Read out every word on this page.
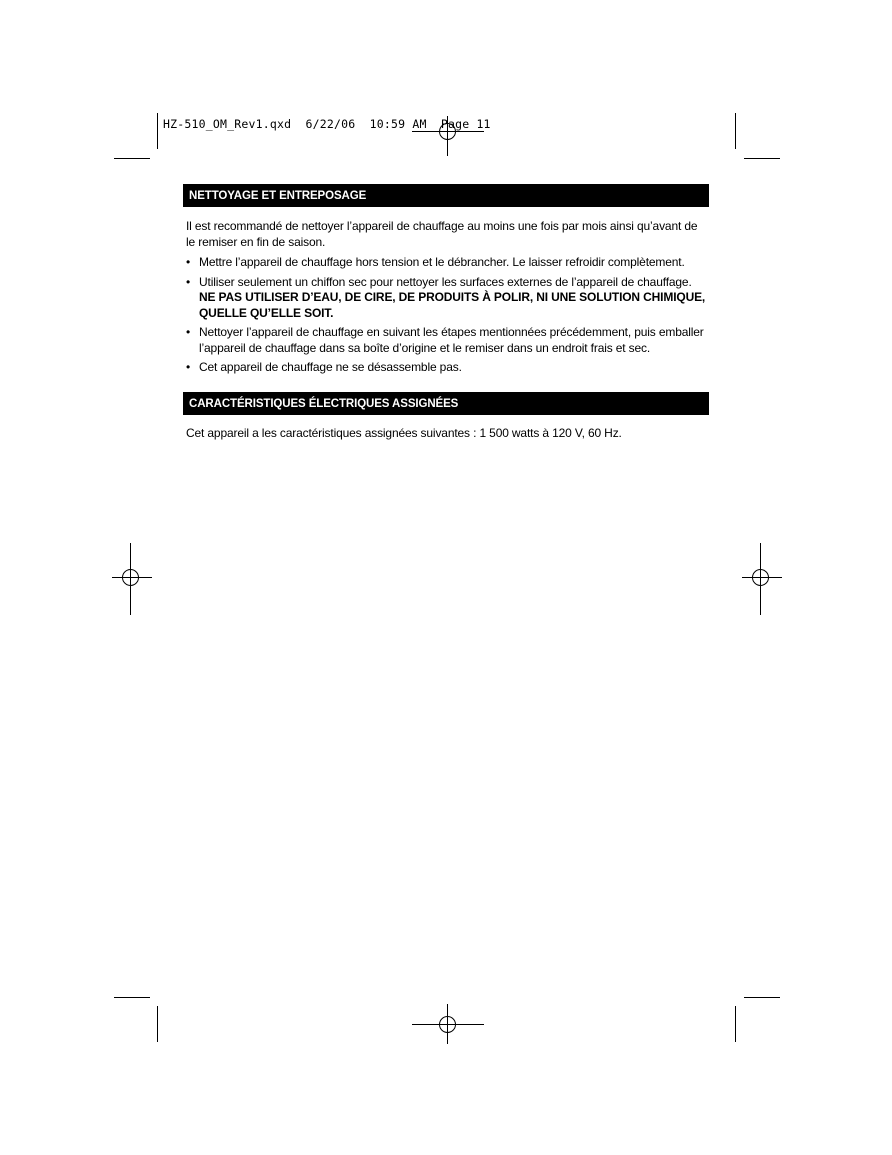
HZ-510_OM_Rev1.qxd  6/22/06  10:59 AM  Page 11
NETTOYAGE ET ENTREPOSAGE

Il est recommandé de nettoyer l’appareil de chauffage au moins une fois par mois ainsi qu’avant de le remiser en fin de saison.

• Mettre l’appareil de chauffage hors tension et le débrancher. Le laisser refroidir complètement.
• Utiliser seulement un chiffon sec pour nettoyer les surfaces externes de l’appareil de chauffage.
NE PAS UTILISER D’EAU, DE CIRE, DE PRODUITS À POLIR, NI UNE SOLUTION CHIMIQUE, QUELLE QU’ELLE SOIT.
• Nettoyer l’appareil de chauffage en suivant les étapes mentionnées précédemment, puis emballer l’appareil de chauffage dans sa boîte d’origine et le remiser dans un endroit frais et sec.
• Cet appareil de chauffage ne se désassemble pas.
CARACTÉRISTIQUES ÉLECTRIQUES ASSIGNÉES

Cet appareil a les caractéristiques assignées suivantes : 1 500 watts à 120 V, 60 Hz.
